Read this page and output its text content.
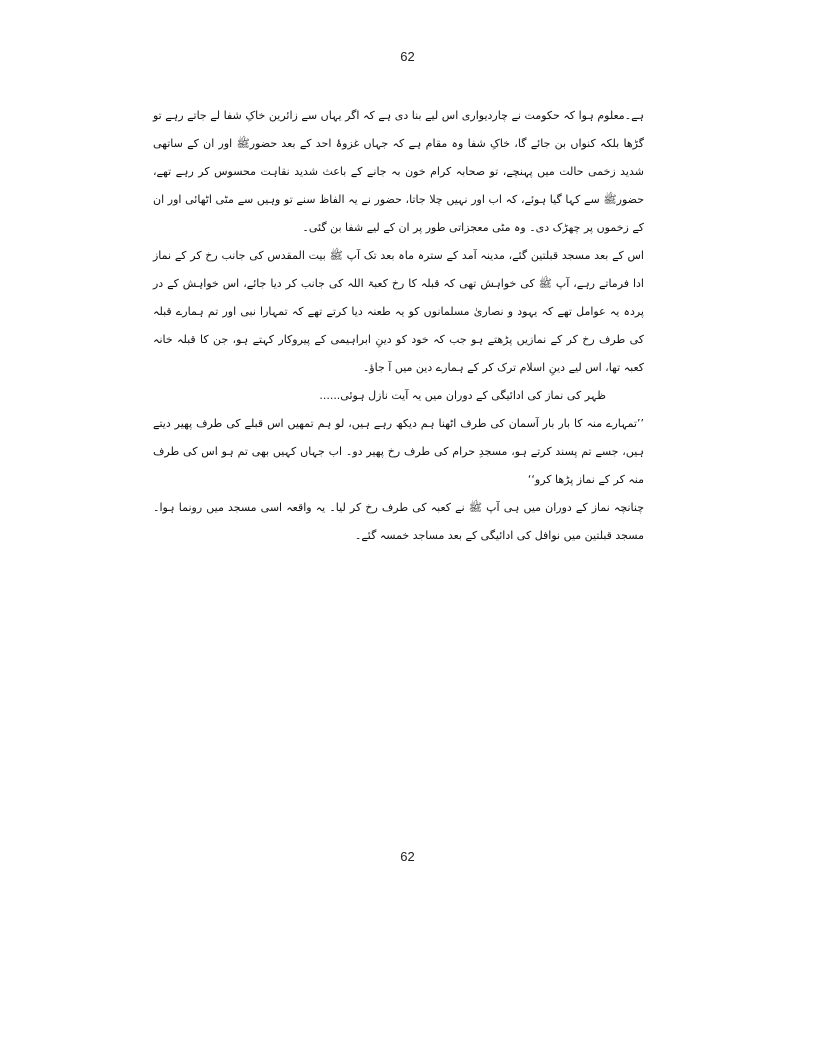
62

ہے۔معلوم ہوا کہ حکومت نے چاردیواری اس لیے بنا دی ہے کہ اگر یہاں سے زائرین خاکِ شفا لے جاتے رہے تو گڑھا بلکہ کنواں بن جائے گا، خاکِ شفا وہ مقام ہے کہ جہاں غزوۂ احد کے بعد حضورﷺ اور ان کے ساتھی شدید زخمی حالت میں پہنچے، تو صحابہ کرام خون بہ جانے کے باعث شدید نقاہت محسوس کر رہے تھے، حضورﷺ سے کہا گیا ہوئے، کہ اب اور نہیں چلا جاتا، حضور نے یہ الفاظ سنے تو وہیں سے مٹی اٹھائی اور ان کے زخموں پر چھڑک دی۔ وہ مٹی معجزاتی طور پر ان کے لیے شفا بن گئی۔

اس کے بعد مسجد قبلتین گئے، مدینہ آمد کے سترہ ماہ بعد تک آپ ﷺ بیت المقدس کی جانب رخ کر کے نماز ادا فرماتے رہے، آپ ﷺ کی خواہش تھی کہ قبلہ کا رخ کعبۃ اللہ کی جانب کر دیا جائے، اس خواہش کے در پردہ یہ عوامل تھے کہ یہود و نصاریٰ مسلمانوں کو یہ طعنہ دیا کرتے تھے کہ تمہارا نبی اور تم ہمارے قبلہ کی طرف رخ کر کے نمازیں پڑھتے ہو جب کہ خود کو دینِ ابراہیمی کے پیروکار کہتے ہو، جن کا قبلہ خانہ کعبہ تھا، اس لیے دینِ اسلام ترک کر کے ہمارے دین میں آ جاؤ۔

ظہر کی نماز کی ادائیگی کے دوران میں یہ آیت نازل ہوئی......

’’تمہارے منہ کا بار بار آسمان کی طرف اٹھنا ہم دیکھ رہے ہیں، لو ہم تمھیں اس قبلے کی طرف پھیر دیتے ہیں، جسے تم پسند کرتے ہو، مسجدِ حرام کی طرف رخ پھیر دو۔ اب جہاں کہیں بھی تم ہو اس کی طرف منہ کر کے نماز پڑھا کرو‘‘

چنانچہ نماز کے دوران میں ہی آپ ﷺ نے کعبہ کی طرف رخ کر لیا۔ یہ واقعہ اسی مسجد میں رونما ہوا۔ مسجد قبلتین میں نوافل کی ادائیگی کے بعد مساجد خمسہ گئے۔

62
